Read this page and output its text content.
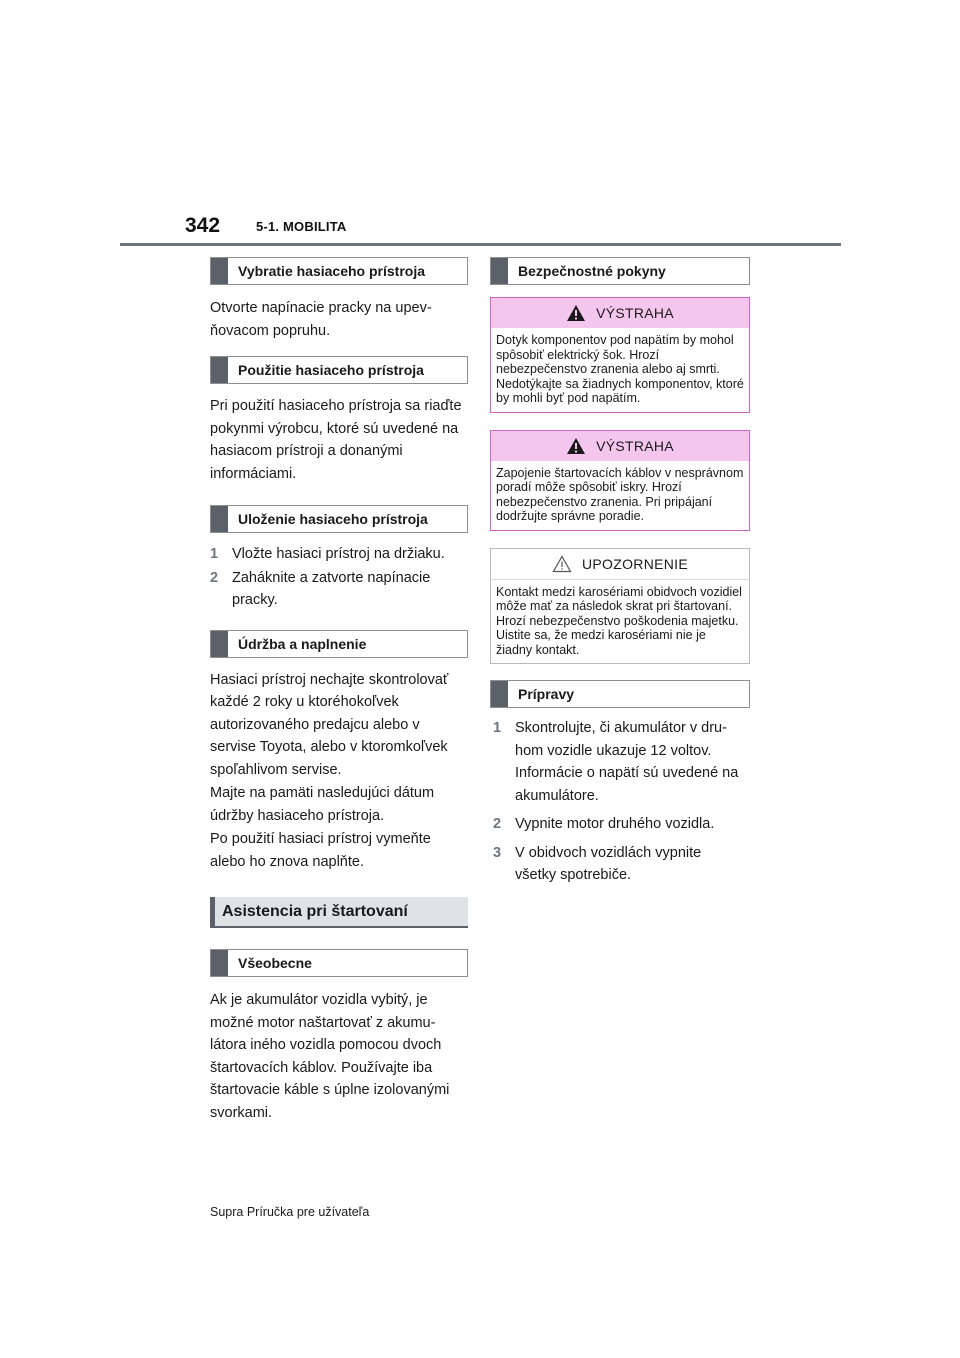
342	5-1. MOBILITA
Vybratie hasiaceho prístroja

Otvorte napínacie pracky na upevňovacom popruhu.

Použitie hasiaceho prístroja

Pri použití hasiaceho prístroja sa riaďte pokynmi výrobcu, ktoré sú uvedené na hasiacom prístroji a donanými informáciami.

Uloženie hasiaceho prístroja
1 Vložte hasiaci prístroj na držiaku.
2 Zaháknite a zatvorte napínacie pracky.
Údržba a naplnenie

Hasiaci prístroj nechajte skontrolovať každé 2 roky u ktoréhokoľvek autorizovaného predajcu alebo v servise Toyota, alebo v ktoromkoľvek spoľahlivom servise.

Majte na pamäti nasledujúci dátum údržby hasiaceho prístroja.

Po použití hasiaci prístroj vymeňte alebo ho znova naplňte.

Asistencia pri štartovaní
Všeobecne

Ak je akumulátor vozidla vybitý, je možné motor naštartovať z akumulátora iného vozidla pomocou dvoch štartovacích káblov. Používajte iba štartovacie káble s úplne izolovanými svorkami.

Bezpečnostné pokyny
VÝSTRAHA
Dotyk komponentov pod napätím by mohol spôsobiť elektrický šok. Hrozí nebezpečenstvo zranenia alebo aj smrti. Nedotýkajte sa žiadnych komponentov, ktoré by mohli byť pod napätím.
VÝSTRAHA
Zapojenie štartovacích káblov v nesprávnom poradí môže spôsobiť iskry. Hrozí nebezpečenstvo zranenia. Pri pripájaní dodržujte správne poradie.
UPOZORNENIE
Kontakt medzi karosériami obidvoch vozidiel môže mať za následok skrat pri štartovaní. Hrozí nebezpečenstvo poškodenia majetku. Uistite sa, že medzi karosériami nie je žiadny kontakt.
Prípravy
1 Skontrolujte, či akumulátor v druhom vozidle ukazuje 12 voltov. Informácie o napätí sú uvedené na akumulátore.
2 Vypnite motor druhého vozidla.
3 V obidvoch vozidlách vypnite všetky spotrebiče.
Supra Príručka pre užívateľa
